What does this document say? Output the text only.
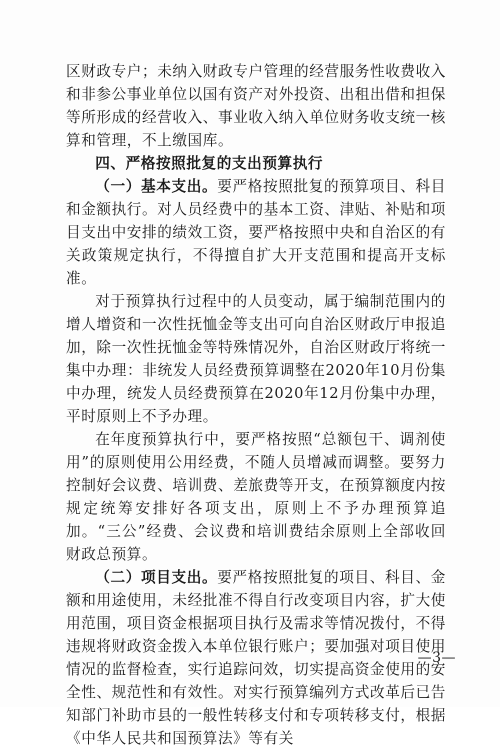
区财政专户；未纳入财政专户管理的经营服务性收费收入和非参公事业单位以国有资产对外投资、出租出借和担保等所形成的经营收入、事业收入纳入单位财务收支统一核算和管理，不上缴国库。

四、严格按照批复的支出预算执行

（一）基本支出。要严格按照批复的预算项目、科目和金额执行。对人员经费中的基本工资、津贴、补贴和项目支出中安排的绩效工资，要严格按照中央和自治区的有关政策规定执行，不得擅自扩大开支范围和提高开支标准。

对于预算执行过程中的人员变动，属于编制范围内的增人增资和一次性抚恤金等支出可向自治区财政厅申报追加，除一次性抚恤金等特殊情况外，自治区财政厅将统一集中办理：非统发人员经费预算调整在2020年10月份集中办理，统发人员经费预算在2020年12月份集中办理，平时原则上不予办理。

在年度预算执行中，要严格按照“总额包干、调剂使用”的原则使用公用经费，不随人员增减而调整。要努力控制好会议费、培训费、差旅费等开支，在预算额度内按规定统筹安排好各项支出，原则上不予办理预算追加。“三公”经费、会议费和培训费结余原则上全部收回财政总预算。

（二）项目支出。要严格按照批复的项目、科目、金额和用途使用，未经批准不得自行改变项目内容，扩大使用范围，项目资金根据项目执行及需求等情况拨付，不得违规将财政资金拨入本单位银行账户；要加强对项目使用情况的监督检查，实行追踪问效，切实提高资金使用的安全性、规范性和有效性。对实行预算编列方式改革后已告知部门补助市县的一般性转移支付和专项转移支付，根据《中华人民共和国预算法》等有关

—3—
